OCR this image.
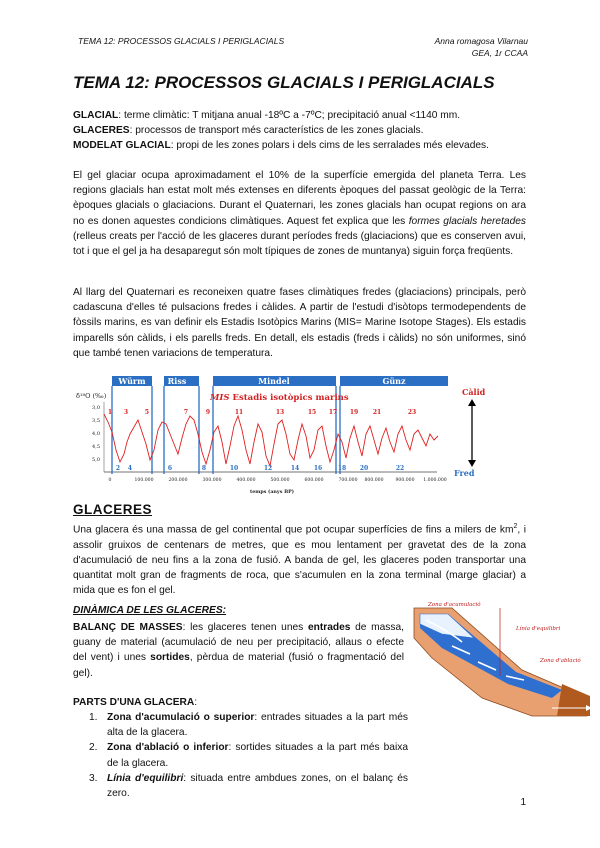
TEMA 12: PROCESSOS GLACIALS I PERIGLACIALS	Anna romagosa Vilarnau
GEA, 1r CCAA
TEMA 12: PROCESSOS GLACIALS I PERIGLACIALS
GLACIAL: terme climàtic: T mitjana anual -18ºC a -7ºC; precipitació anual <1140 mm.
GLACERES: processos de transport més característics de les zones glacials.
MODELAT GLACIAL: propi de les zones polars i dels cims de les serralades més elevades.
El gel glaciar ocupa aproximadament el 10% de la superfície emergida del planeta Terra. Les regions glacials han estat molt més extenses en diferents èpoques del passat geològic de la Terra: èpoques glacials o glaciacions. Durant el Quaternari, les zones glacials han ocupat regions on ara no es donen aquestes condicions climàtiques. Aquest fet explica que les formes glacials heretades (relleus creats per l'acció de les glaceres durant períodes freds (glaciacions) que es conserven avui, tot i que el gel ja ha desaparegut són molt típiques de zones de muntanya) siguin força freqüents.
Al llarg del Quaternari es reconeixen quatre fases climàtiques fredes (glaciacions) principals, però cadascuna d'elles té pulsacions fredes i càlides. A partir de l'estudi d'isòtops termodependents de fòssils marins, es van definir els Estadis Isotòpics Marins (MIS= Marine Isotope Stages). Els estadis imparells són càlids, i els parells freds. En detall, els estadis (freds i càlids) no són uniformes, sinó que també tenen variacions de temperatura.
Würm	Riss	Mindel	Günz
δ¹⁸O (‰)
3,0
3,5
4,0
4,5
5,0
MIS Estadis isotòpics marins
1 3	5	7	9	11	13	15 17 19 21	23
2 4	6	8	10	12	14 16	18 20	22
0	100.000	200.000	300.000	400.000	500.000	600.000	700.000 800.000	900.000 1.000.000
temps (anys BP)
Càlid
Fred
GLACERES
Una glacera és una massa de gel continental que pot ocupar superfícies de fins a milers de $km^2$, i assolir gruixos de centenars de metres, que es mou lentament per gravetat des de la zona d'acumulació de neu fins a la zona de fusió. A banda de gel, les glaceres poden transportar una quantitat molt gran de fragments de roca, que s'acumulen en la zona terminal (marge glaciar) a mida que es fon el gel.
DINÀMICA DE LES GLACERES:
BALANÇ DE MASSES: les glaceres tenen unes entrades de massa, guany de material (acumulació de neu per precipitació, allaus o efecte del vent) i unes sortides, pèrdua de material (fusió o fragmentació del gel).
Zona d'acumulació
Línia d'equilibri
Zona d'ablació
PARTS D'UNA GLACERA:
1. Zona d'acumulació o superior: entrades situades a la part més alta de la glacera.
2. Zona d'ablació o inferior: sortides situades a la part més baixa de la glacera.
3. Línia d'equilibri: situada entre ambdues zones, on el balanç és zero.
1
